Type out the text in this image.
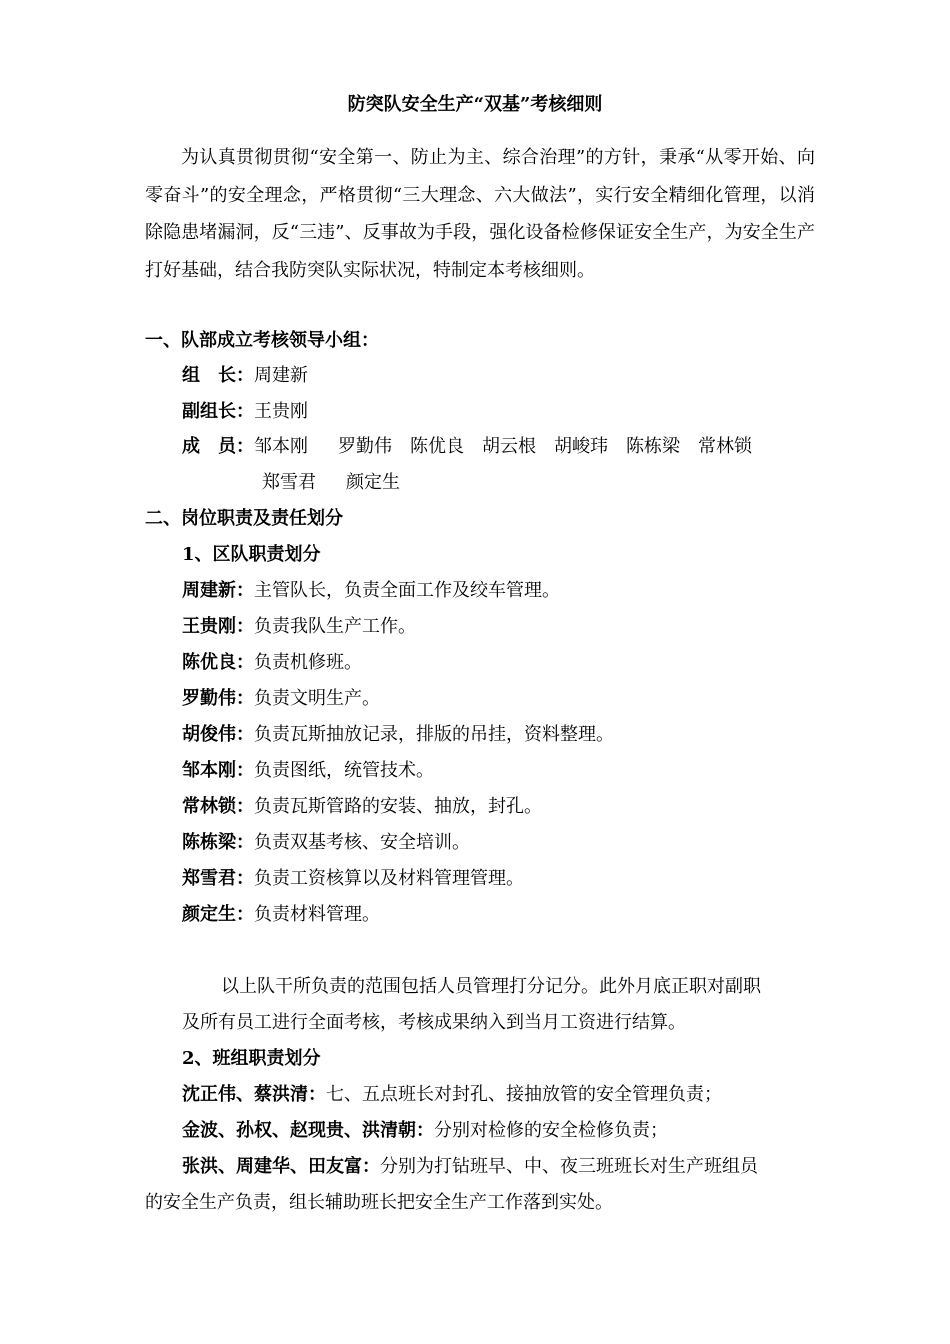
防突队安全生产“双基”考核细则

为认真贯彻贯彻“安全第一、防止为主、综合治理”的方针，秉承“从零开始、向零奋斗”的安全理念，严格贯彻“三大理念、六大做法”，实行安全精细化管理，以消除隐患堵漏洞，反“三违”、反事故为手段，强化设备检修保证安全生产，为安全生产打好基础，结合我防突队实际状况，特制定本考核细则。

一、队部成立考核领导小组：
组　长：周建新
副组长：王贵刚
成　员：邹本刚 罗勤伟 陈优良 胡云根 胡峻玮 陈栋梁 常林锁
郑雪君 颜定生
二、岗位职责及责任划分
1、区队职责划分
周建新：主管队长，负责全面工作及绞车管理。
王贵刚：负责我队生产工作。
陈优良：负责机修班。
罗勤伟：负责文明生产。
胡俊伟：负责瓦斯抽放记录，排版的吊挂，资料整理。
邹本刚：负责图纸，统管技术。
常林锁：负责瓦斯管路的安装、抽放，封孔。
陈栋梁：负责双基考核、安全培训。
郑雪君：负责工资核算以及材料管理管理。
颜定生：负责材料管理。
以上队干所负责的范围包括人员管理打分记分。此外月底正职对副职
及所有员工进行全面考核，考核成果纳入到当月工资进行结算。
2、班组职责划分
沈正伟、蔡洪清：七、五点班长对封孔、接抽放管的安全管理负责；
金波、孙权、赵现贵、洪清朝：分别对检修的安全检修负责；
张洪、周建华、田友富：分别为打钻班早、中、夜三班班长对生产班组员
的安全生产负责，组长辅助班长把安全生产工作落到实处。
